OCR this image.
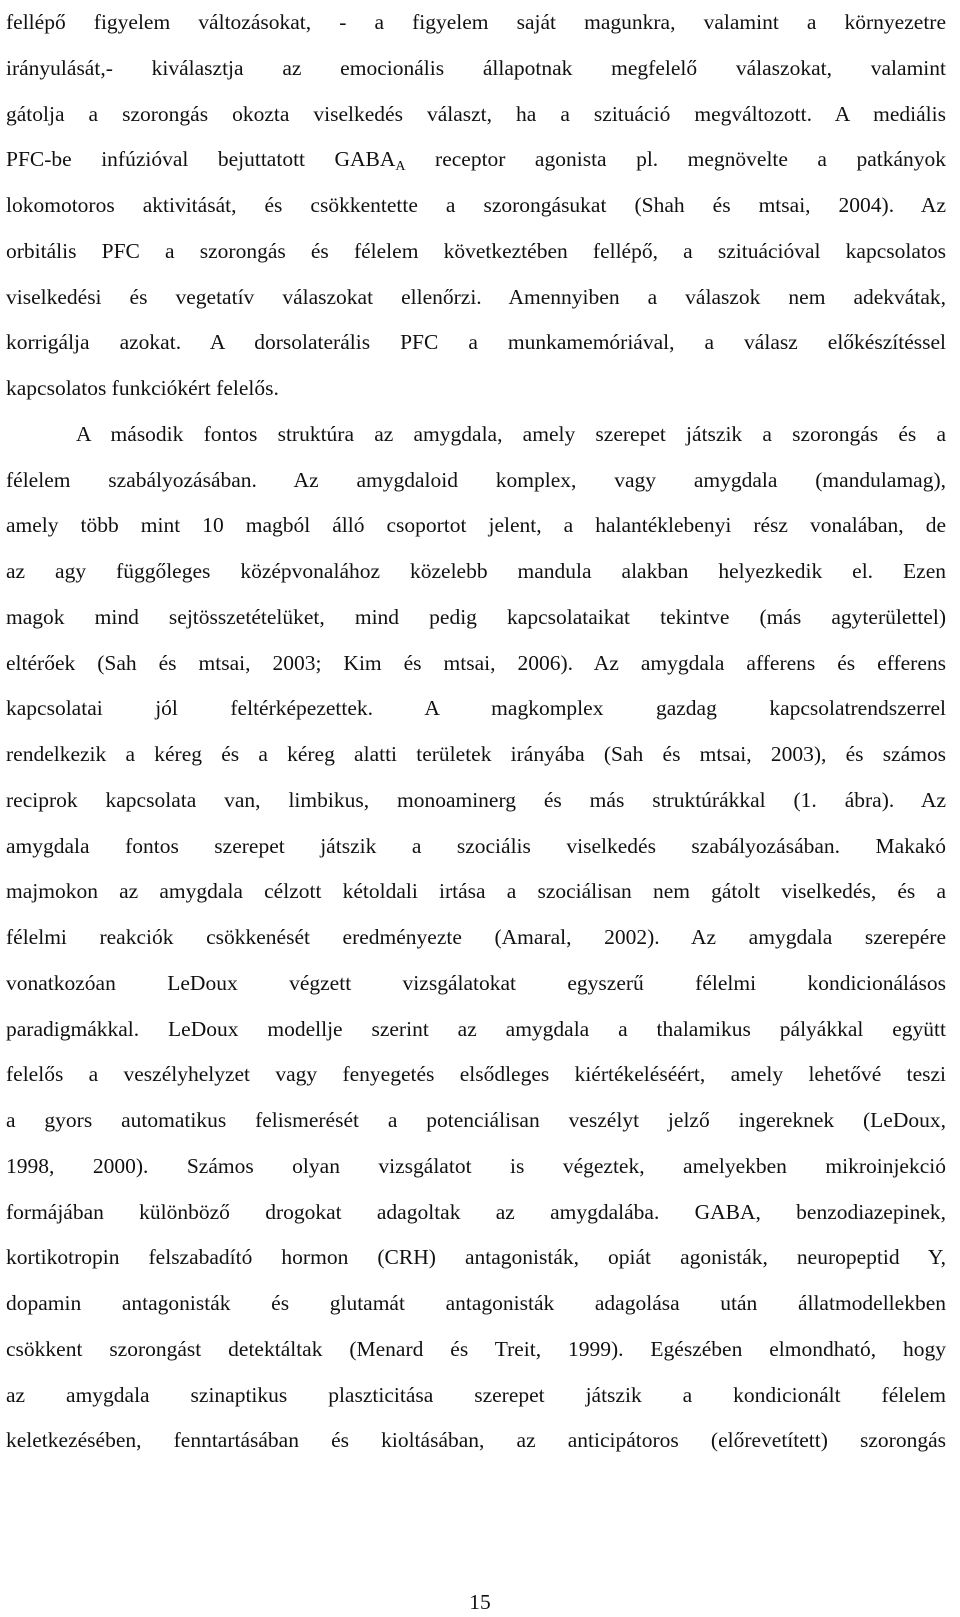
fellépő figyelem változásokat, - a figyelem saját magunkra, valamint a környezetre
irányulását,- kiválasztja az emocionális állapotnak megfelelő válaszokat, valamint
gátolja a szorongás okozta viselkedés választ, ha a szituáció megváltozott. A mediális
PFC-be infúzióval bejuttatott $GABA_A$ receptor agonista pl. megnövelte a patkányok
lokomotoros aktivitását, és csökkentette a szorongásukat (Shah és mtsai, 2004). Az
orbitális PFC a szorongás és félelem következtében fellépő, a szituációval kapcsolatos
viselkedési és vegetatív válaszokat ellenőrzi. Amennyiben a válaszok nem adekvátak,
korrigálja azokat. A dorsolaterális PFC a munkamemóriával, a válasz előkészítéssel
kapcsolatos funkciókért felelős.
A második fontos struktúra az amygdala, amely szerepet játszik a szorongás és a
félelem szabályozásában. Az amygdaloid komplex, vagy amygdala (mandulamag),
amely több mint 10 magból álló csoportot jelent, a halantéklebenyi rész vonalában, de
az agy függőleges középvonalához közelebb mandula alakban helyezkedik el. Ezen
magok mind sejtösszetételüket, mind pedig kapcsolataikat tekintve (más agyterülettel)
eltérőek (Sah és mtsai, 2003; Kim és mtsai, 2006). Az amygdala afferens és efferens
kapcsolatai jól feltérképezettek. A magkomplex gazdag kapcsolatrendszerrel
rendelkezik a kéreg és a kéreg alatti területek irányába (Sah és mtsai, 2003), és számos
reciprok kapcsolata van, limbikus, monoaminerg és más struktúrákkal (1. ábra). Az
amygdala fontos szerepet játszik a szociális viselkedés szabályozásában. Makakó
majmokon az amygdala célzott kétoldali irtása a szociálisan nem gátolt viselkedés, és a
félelmi reakciók csökkenését eredményezte (Amaral, 2002). Az amygdala szerepére
vonatkozóan LeDoux végzett vizsgálatokat egyszerű félelmi kondicionálásos
paradigmákkal. LeDoux modellje szerint az amygdala a thalamikus pályákkal együtt
felelős a veszélyhelyzet vagy fenyegetés elsődleges kiértékeléséért, amely lehetővé teszi
a gyors automatikus felismerését a potenciálisan veszélyt jelző ingereknek (LeDoux,
1998, 2000). Számos olyan vizsgálatot is végeztek, amelyekben mikroinjekció
formájában különböző drogokat adagoltak az amygdalába. GABA, benzodiazepinek,
kortikotropin felszabadító hormon (CRH) antagonisták, opiát agonisták, neuropeptid Y,
dopamin antagonisták és glutamát antagonisták adagolása után állatmodellekben
csökkent szorongást detektáltak (Menard és Treit, 1999). Egészében elmondható, hogy
az amygdala szinaptikus plaszticitása szerepet játszik a kondicionált félelem
keletkezésében, fenntartásában és kioltásában, az anticipátoros (előrevetített) szorongás
15
